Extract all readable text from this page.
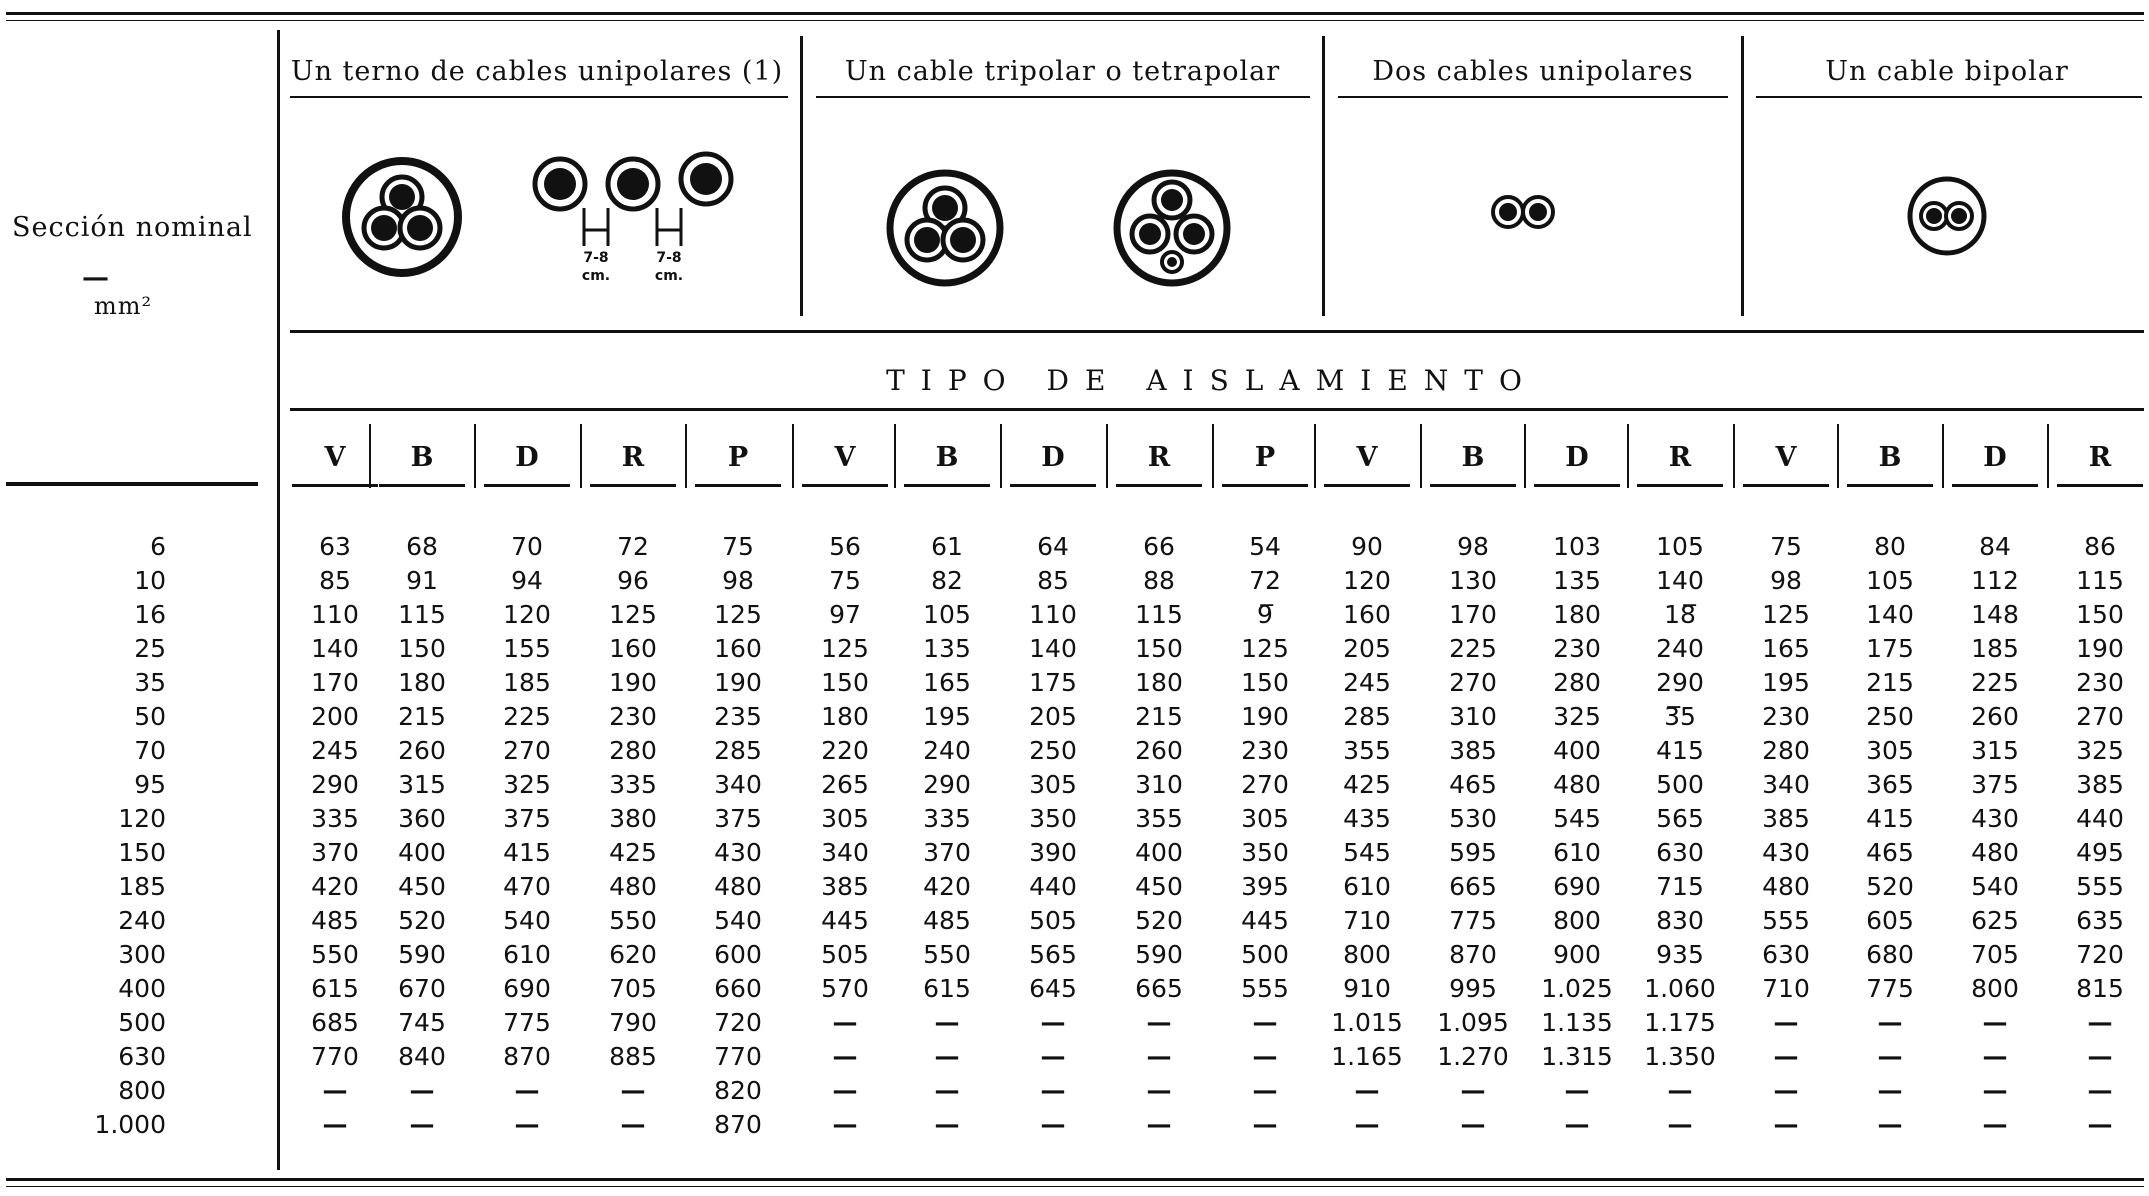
Sección nominal
—
mm²
Un terno de cables unipolares (1)	Un cable tripolar o tetrapolar	Dos cables unipolares	Un cable bipolar
7-8
cm.
7-8
cm.
TIPO DE AISLAMIENTO
V	B	D	R	P	V	B	D	R	P	V	B	D	R	V	B	D	R
6	63	68	70	72	75	56	61	64	66	54	90	98	103	105	75	80	84	86
10	85	91	94	96	98	75	82	85	88	72	120	130	135	140	98	105	112	115
16	110	115	120	125	125	97	105	110	115	9̅	160	170	180	18̅	125	140	148	150
25	140	150	155	160	160	125	135	140	150	125	205	225	230	240	165	175	185	190
35	170	180	185	190	190	150	165	175	180	150	245	270	280	290	195	215	225	230
50	200	215	225	230	235	180	195	205	215	190	285	310	325	3̅̅5	230	250	260	270
70	245	260	270	280	285	220	240	250	260	230	355	385	400	415	280	305	315	325
95	290	315	325	335	340	265	290	305	310	270	425	465	480	500	340	365	375	385
120	335	360	375	380	375	305	335	350	355	305	435	530	545	565	385	415	430	440
150	370	400	415	425	430	340	370	390	400	350	545	595	610	630	430	465	480	495
185	420	450	470	480	480	385	420	440	450	395	610	665	690	715	480	520	540	555
240	485	520	540	550	540	445	485	505	520	445	710	775	800	830	555	605	625	635
300	550	590	610	620	600	505	550	565	590	500	800	870	900	935	630	680	705	720
400	615	670	690	705	660	570	615	645	665	555	910	995	1.025	1.060	710	775	800	815
500	685	745	775	790	720	—	—	—	—	—	1.015	1.095	1.135	1.175	—	—	—	—
630	770	840	870	885	770	—	—	—	—	—	1.165	1.270	1.315	1.350	—	—	—	—
800	—	—	—	—	820	—	—	—	—	—	—	—	—	—	—	—	—	—
1.000	—	—	—	—	870	—	—	—	—	—	—	—	—	—	—	—	—	—
